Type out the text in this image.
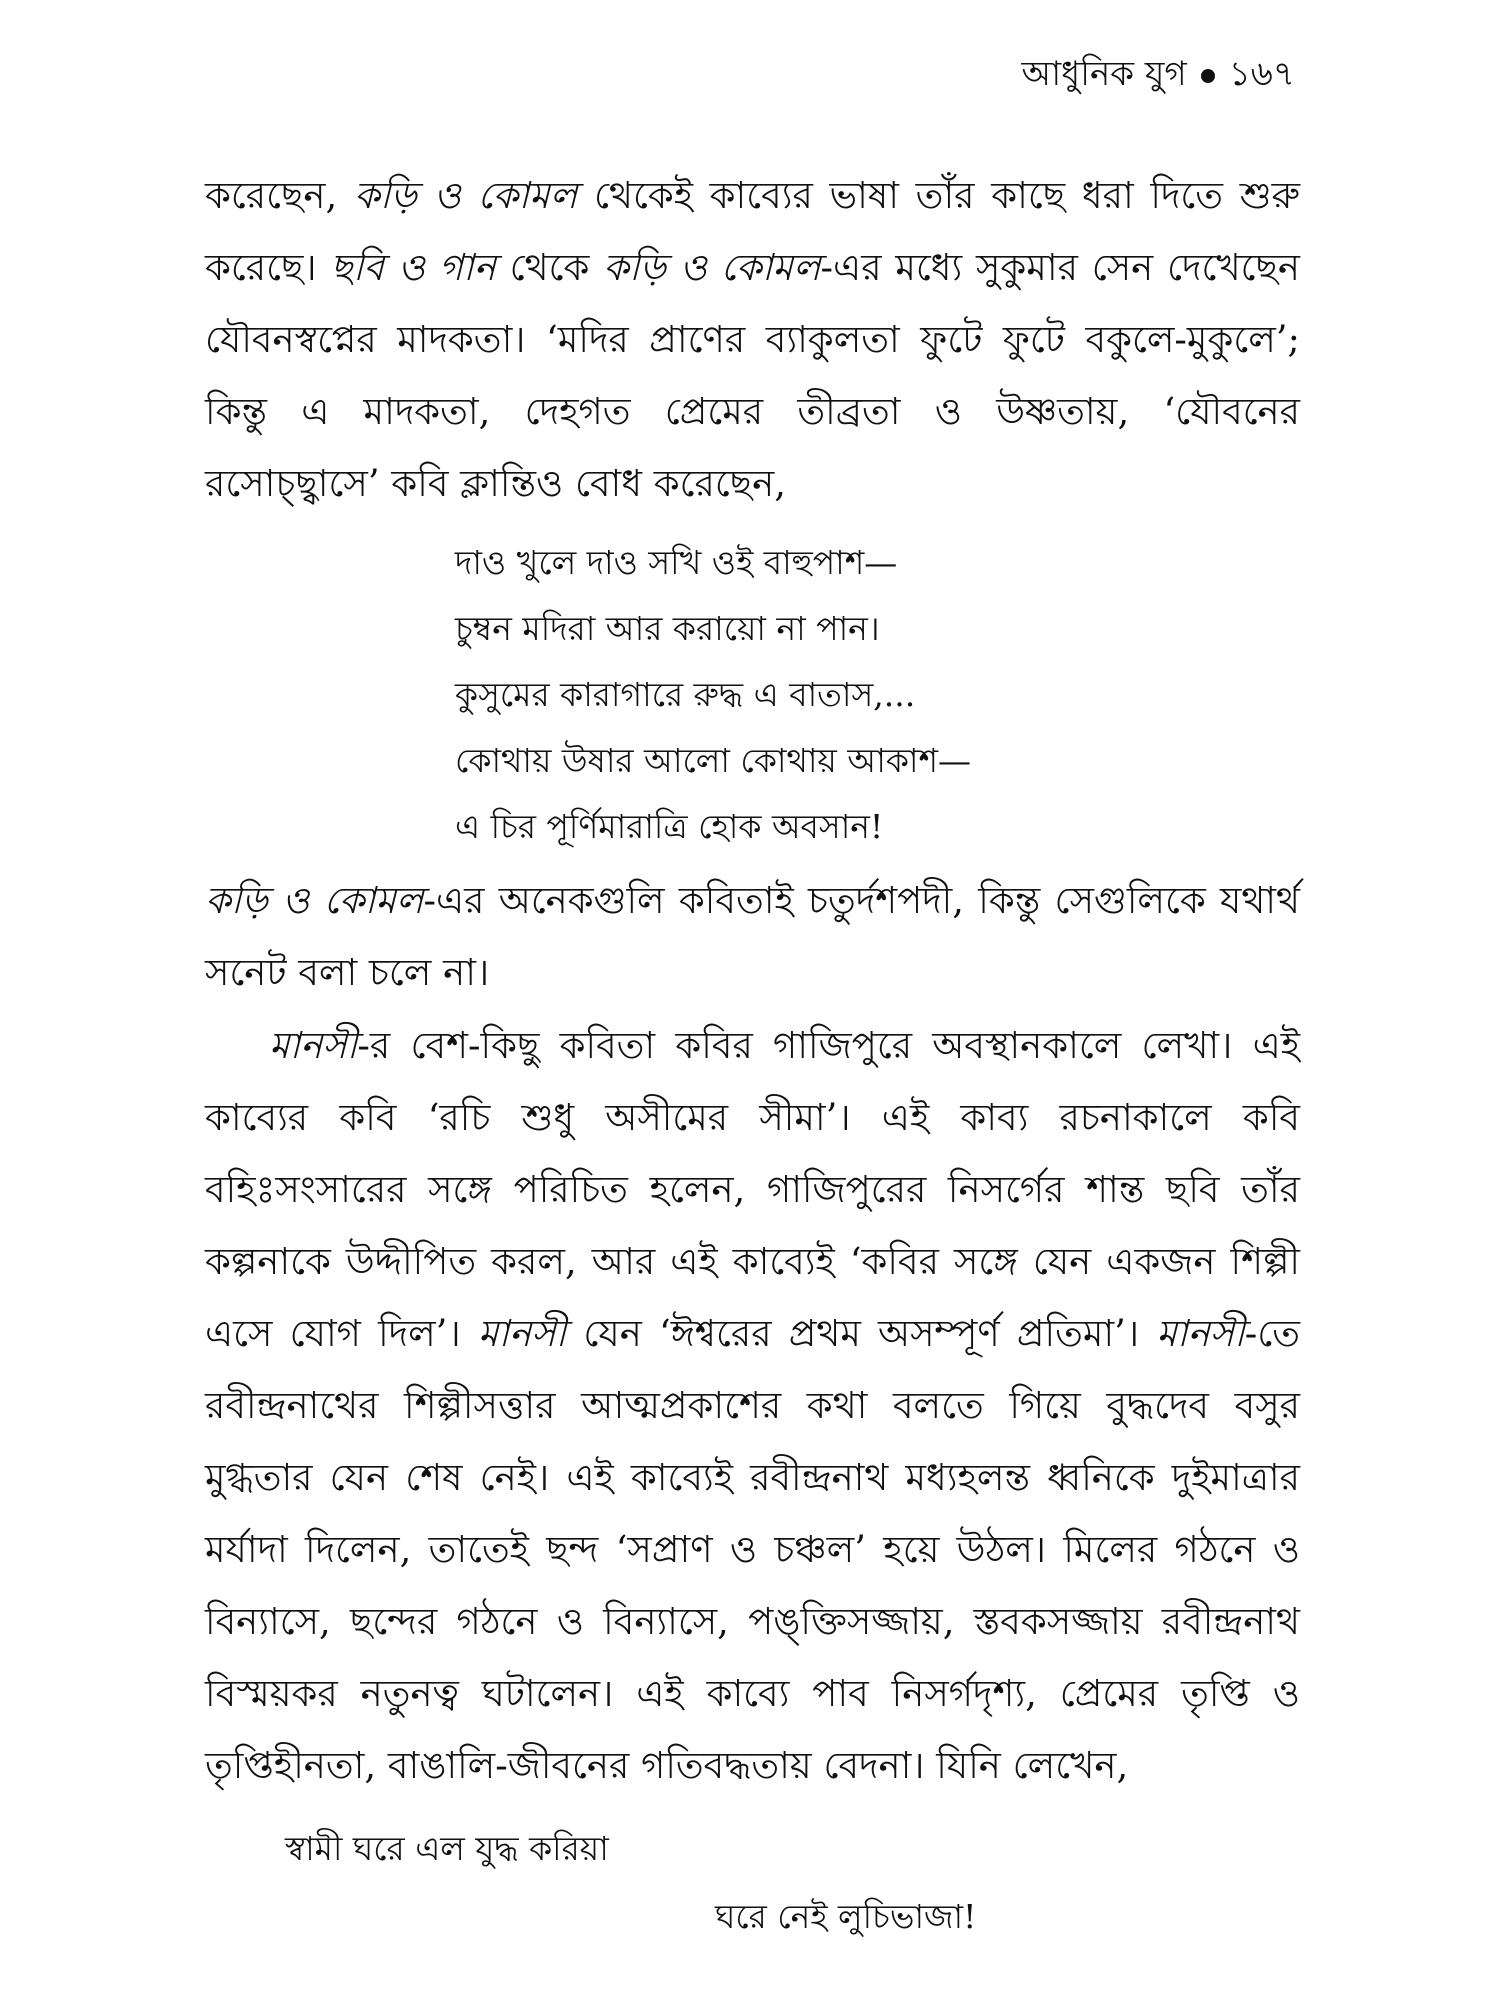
আধুনিক যুগ ১৬৭

করেছেন, কড়ি ও কোমল থেকেই কাব্যের ভাষা তাঁর কাছে ধরা দিতে শুরু করেছে। ছবি ও গান থেকে কড়ি ও কোমল-এর মধ্যে সুকুমার সেন দেখেছেন যৌবনস্বপ্নের মাদকতা। ‘মদির প্রাণের ব্যাকুলতা ফুটে ফুটে বকুলে-মুকুলে’; কিন্তু এ মাদকতা, দেহগত প্রেমের তীব্রতা ও উষ্ণতায়, ‘যৌবনের রসোচ্ছ্বাসে’ কবি ক্লান্তিও বোধ করেছেন,

দাও খুলে দাও সখি ওই বাহুপাশ—
চুম্বন মদিরা আর করায়ো না পান।
কুসুমের কারাগারে রুদ্ধ এ বাতাস,...
কোথায় উষার আলো কোথায় আকাশ—
এ চির পূর্ণিমারাত্রি হোক অবসান!

কড়ি ও কোমল-এর অনেকগুলি কবিতাই চতুর্দশপদী, কিন্তু সেগুলিকে যথার্থ সনেট বলা চলে না।

মানসী-র বেশ-কিছু কবিতা কবির গাজিপুরে অবস্থানকালে লেখা। এই কাব্যের কবি ‘রচি শুধু অসীমের সীমা’। এই কাব্য রচনাকালে কবি বহিঃসংসারের সঙ্গে পরিচিত হলেন, গাজিপুরের নিসর্গের শান্ত ছবি তাঁর কল্পনাকে উদ্দীপিত করল, আর এই কাব্যেই ‘কবির সঙ্গে যেন একজন শিল্পী এসে যোগ দিল’। মানসী যেন ‘ঈশ্বরের প্রথম অসম্পূর্ণ প্রতিমা’। মানসী-তে রবীন্দ্রনাথের শিল্পীসত্তার আত্মপ্রকাশের কথা বলতে গিয়ে বুদ্ধদেব বসুর মুগ্ধতার যেন শেষ নেই। এই কাব্যেই রবীন্দ্রনাথ মধ্যহলন্ত ধ্বনিকে দুইমাত্রার মর্যাদা দিলেন, তাতেই ছন্দ ‘সপ্রাণ ও চঞ্চল’ হয়ে উঠল। মিলের গঠনে ও বিন্যাসে, ছন্দের গঠনে ও বিন্যাসে, পঙ্‌ক্তিসজ্জায়, স্তবকসজ্জায় রবীন্দ্রনাথ বিস্ময়কর নতুনত্ব ঘটালেন। এই কাব্যে পাব নিসর্গদৃশ্য, প্রেমের তৃপ্তি ও তৃপ্তিহীনতা, বাঙালি-জীবনের গতিবদ্ধতায় বেদনা। যিনি লেখেন,

স্বামী ঘরে এল যুদ্ধ করিয়া
ঘরে নেই লুচিভাজা!
